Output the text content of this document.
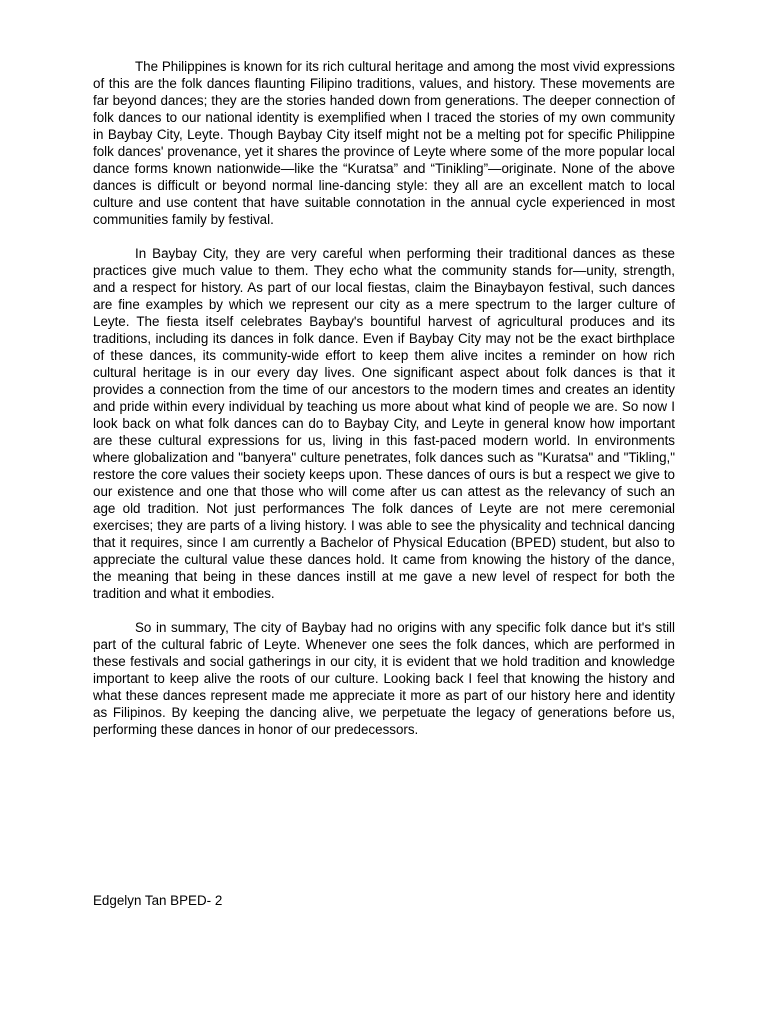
The Philippines is known for its rich cultural heritage and among the most vivid expressions of this are the folk dances flaunting Filipino traditions, values, and history. These movements are far beyond dances; they are the stories handed down from generations. The deeper connection of folk dances to our national identity is exemplified when I traced the stories of my own community in Baybay City, Leyte. Though Baybay City itself might not be a melting pot for specific Philippine folk dances' provenance, yet it shares the province of Leyte where some of the more popular local dance forms known nationwide—like the “Kuratsa” and “Tinikling”—originate. None of the above dances is difficult or beyond normal line-dancing style: they all are an excellent match to local culture and use content that have suitable connotation in the annual cycle experienced in most communities family by festival.

In Baybay City, they are very careful when performing their traditional dances as these practices give much value to them. They echo what the community stands for—unity, strength, and a respect for history. As part of our local fiestas, claim the Binaybayon festival, such dances are fine examples by which we represent our city as a mere spectrum to the larger culture of Leyte. The fiesta itself celebrates Baybay's bountiful harvest of agricultural produces and its traditions, including its dances in folk dance. Even if Baybay City may not be the exact birthplace of these dances, its community-wide effort to keep them alive incites a reminder on how rich cultural heritage is in our every day lives. One significant aspect about folk dances is that it provides a connection from the time of our ancestors to the modern times and creates an identity and pride within every individual by teaching us more about what kind of people we are. So now I look back on what folk dances can do to Baybay City, and Leyte in general know how important are these cultural expressions for us, living in this fast-paced modern world. In environments where globalization and "banyera" culture penetrates, folk dances such as "Kuratsa" and "Tikling," restore the core values their society keeps upon. These dances of ours is but a respect we give to our existence and one that those who will come after us can attest as the relevancy of such an age old tradition. Not just performances The folk dances of Leyte are not mere ceremonial exercises; they are parts of a living history. I was able to see the physicality and technical dancing that it requires, since I am currently a Bachelor of Physical Education (BPED) student, but also to appreciate the cultural value these dances hold. It came from knowing the history of the dance, the meaning that being in these dances instill at me gave a new level of respect for both the tradition and what it embodies.

So in summary, The city of Baybay had no origins with any specific folk dance but it's still part of the cultural fabric of Leyte. Whenever one sees the folk dances, which are performed in these festivals and social gatherings in our city, it is evident that we hold tradition and knowledge important to keep alive the roots of our culture. Looking back I feel that knowing the history and what these dances represent made me appreciate it more as part of our history here and identity as Filipinos. By keeping the dancing alive, we perpetuate the legacy of generations before us, performing these dances in honor of our predecessors.

Edgelyn Tan BPED- 2
